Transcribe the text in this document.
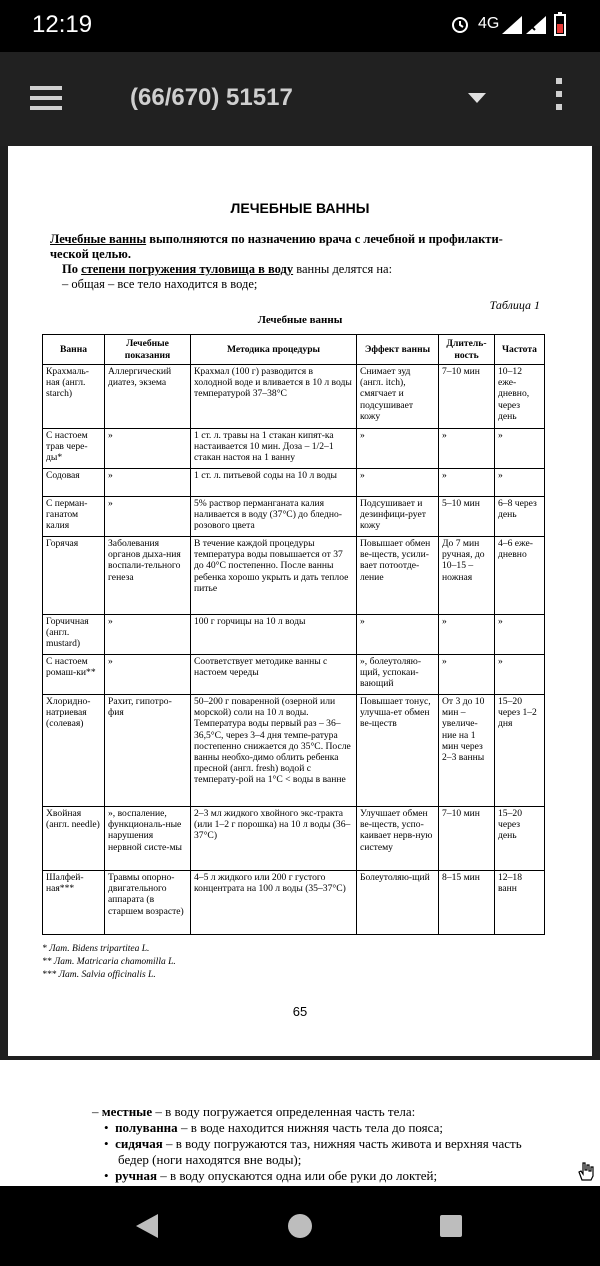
12:19	4G
(66/670) 51517
ЛЕЧЕБНЫЕ ВАННЫ
Лечебные ванны выполняются по назначению врача с лечебной и профилакти-
ческой целью.
По степени погружения туловища в воду ванны делятся на:
– общая – все тело находится в воде;
Таблица 1
Лечебные ванны
Ванна	Лечебные показания	Методика процедуры	Эффект ванны	Длитель-ность	Частота
Крахмаль-ная (англ. starch)	Аллергический диатез, экзема	Крахмал (100 г) разводится в холодной воде и вливается в 10 л воды температурой 37–38°С	Снимает зуд (англ. itch), смягчает и подсушивает кожу	7–10 мин	10–12 еже-дневно, через день
С настоем трав чере-ды*	»	1 ст. л. травы на 1 стакан кипят-ка настаивается 10 мин. Доза – 1/2–1 стакан настоя на 1 ванну	»	»	»
Содовая	»	1 ст. л. питьевой соды на 10 л воды	»	»	»
С перман-ганатом калия	»	5% раствор перманганата калия наливается в воду (37°С) до бледно-розового цвета	Подсушивает и дезинфици-рует кожу	5–10 мин	6–8 через день
Горячая	Заболевания органов дыха-ния воспали-тельного генеза	В течение каждой процедуры температура воды повышается от 37 до 40°С постепенно. После ванны ребенка хорошо укрыть и дать теплое питье	Повышает обмен ве-ществ, усили-вает потоотде-ление	До 7 мин ручная, до 10–15 – ножная	4–6 еже-дневно
Горчичная (англ. mustard)	»	100 г горчицы на 10 л воды	»	»	»
С настоем ромаш-ки**	»	Соответствует методике ванны с настоем череды	», болеутоляю-щий, успокаи-вающий	»	»
Хлоридно-натриевая (солевая)	Рахит, гипотро-фия	50–200 г поваренной (озерной или морской) соли на 10 л воды. Температура воды первый раз – 36–36,5°С, через 3–4 дня темпе-ратура постепенно снижается до 35°С. После ванны необхо-димо облить ребенка пресной (англ. fresh) водой с температу-рой на 1°С < воды в ванне	Повышает тонус, улучша-ет обмен ве-ществ	От 3 до 10 мин – увеличе-ние на 1 мин через 2–3 ванны	15–20 через 1–2 дня
Хвойная (англ. needle)	», воспаление, функциональ-ные нарушения нервной систе-мы	2–3 мл жидкого хвойного экс-тракта (или 1–2 г порошка) на 10 л воды (36–37°С)	Улучшает обмен ве-ществ, успо-каивает нерв-ную систему	7–10 мин	15–20 через день
Шалфей-ная***	Травмы опорно-двигательного аппарата (в старшем возрасте)	4–5 л жидкого или 200 г густого концентрата на 100 л воды (35–37°С)	Болеутоляю-щий	8–15 мин	12–18 ванн
* Лат. Bidens tripartitea L.
** Лат. Matricaria chamomilla L.
*** Лат. Salvia officinalis L.
65
– местные – в воду погружается определенная часть тела:
•  полуванна – в воде находится нижняя часть тела до пояса;
•  сидячая – в воду погружаются таз, нижняя часть живота и верхняя часть
бедер (ноги находятся вне воды);
•  ручная – в воду опускаются одна или обе руки до локтей;
